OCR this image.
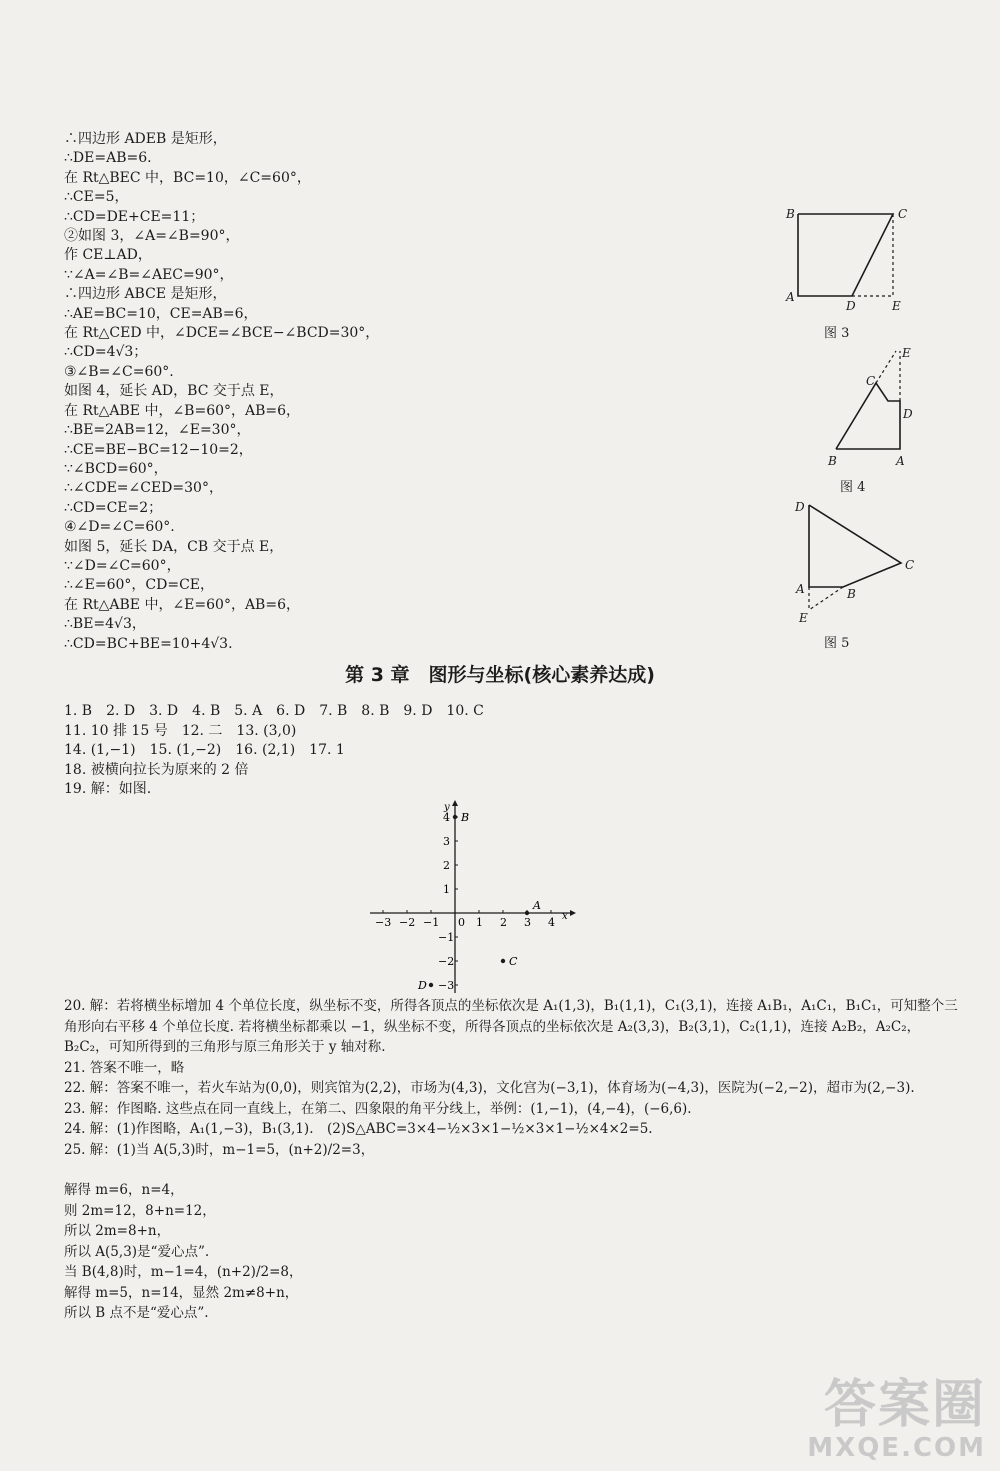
∴四边形 ADEB 是矩形，
∴DE=AB=6.
在 Rt△BEC 中，BC=10，∠C=60°，
∴CE=5，
∴CD=DE+CE=11；
②如图 3，∠A=∠B=90°，
作 CE⊥AD，
∵∠A=∠B=∠AEC=90°，
∴四边形 ABCE 是矩形，
∴AE=BC=10，CE=AB=6，
在 Rt△CED 中，∠DCE=∠BCE−∠BCD=30°，
∴CD=4√3；
③∠B=∠C=60°.
如图 4，延长 AD，BC 交于点 E，
在 Rt△ABE 中，∠B=60°，AB=6，
∴BE=2AB=12，∠E=30°，
∴CE=BE−BC=12−10=2，
∵∠BCD=60°，
∴∠CDE=∠CED=30°，
∴CD=CE=2；
④∠D=∠C=60°.
如图 5，延长 DA，CB 交于点 E，
∵∠D=∠C=60°，
∴∠E=60°，CD=CE，
在 Rt△ABE 中，∠E=60°，AB=6，
∴BE=4√3，
∴CD=BC+BE=10+4√3.
B	C
A
D	E
图 3
E
C
D
B	A
图 4
D
C
A	B
E
图 5
第 3 章　图形与坐标(核心素养达成)
1. B　2. D　3. D　4. B　5. A　6. D　7. B　8. B　9. D　10. C
11. 10 排 15 号　12. 二　13. (3,0)
14. (1,−1)　15. (1,−2)　16. (2,1)　17. 1
18. 被横向拉长为原来的 2 倍
19. 解：如图.
x
y
0
−3 −2 −1	1 2 3 4
4
3
2
1
−1
−2
−3
B
A
C
D
20. 解：若将横坐标增加 4 个单位长度，纵坐标不变，所得各顶点的坐标依次是 A₁(1,3)，B₁(1,1)，C₁(3,1)，连接 A₁B₁，A₁C₁，B₁C₁，可知整个三角形向右平移 4 个单位长度. 若将横坐标都乘以 −1，纵坐标不变，所得各顶点的坐标依次是 A₂(3,3)，B₂(3,1)，C₂(1,1)，连接 A₂B₂，A₂C₂，B₂C₂，可知所得到的三角形与原三角形关于 y 轴对称.
21. 答案不唯一，略
22. 解：答案不唯一，若火车站为(0,0)，则宾馆为(2,2)，市场为(4,3)，文化宫为(−3,1)，体育场为(−4,3)，医院为(−2,−2)，超市为(2,−3).
23. 解：作图略. 这些点在同一直线上，在第二、四象限的角平分线上，举例：(1,−1)，(4,−4)，(−6,6).
24. 解：(1)作图略，A₁(1,−3)，B₁(3,1).　(2)S△ABC=3×4−½×3×1−½×3×1−½×4×2=5.
25. 解：(1)当 A(5,3)时，m−1=5，(n+2)/2=3，
解得 m=6，n=4，
则 2m=12，8+n=12，
所以 2m=8+n，
所以 A(5,3)是“爱心点”.
当 B(4,8)时，m−1=4，(n+2)/2=8，
解得 m=5，n=14，显然 2m≠8+n，
所以 B 点不是“爱心点”.
答案圈
MXQE.COM
